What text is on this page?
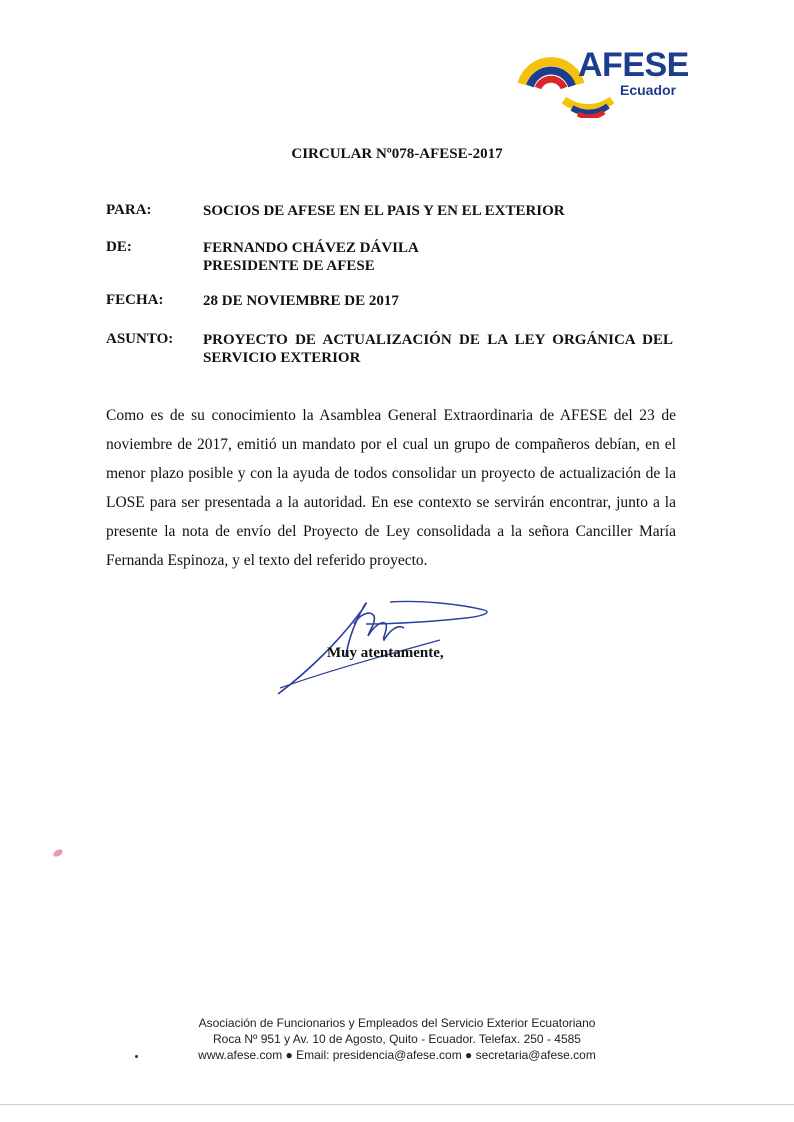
AFESE
Ecuador
CIRCULAR Nº078-AFESE-2017
PARA:	SOCIOS DE AFESE EN EL PAIS Y EN EL EXTERIOR
DE:	FERNANDO CHÁVEZ DÁVILA
PRESIDENTE DE AFESE
FECHA:	28 DE NOVIEMBRE DE 2017
ASUNTO: PROYECTO DE ACTUALIZACIÓN DE LA LEY ORGÁNICA DEL SERVICIO EXTERIOR
Como es de su conocimiento la Asamblea General Extraordinaria de AFESE del 23 de noviembre de 2017, emitió un mandato por el cual un grupo de compañeros debían, en el menor plazo posible y con la ayuda de todos consolidar un proyecto de actualización de la LOSE para ser presentada a la autoridad. En ese contexto se servirán encontrar, junto a la presente la nota de envío del Proyecto de Ley consolidada a la señora Canciller María Fernanda Espinoza, y el texto del referido proyecto.
Muy atentamente,
Asociación de Funcionarios y Empleados del Servicio Exterior Ecuatoriano
Roca Nº 951 y Av. 10 de Agosto, Quito - Ecuador. Telefax. 250 - 4585
www.afese.com ● Email: presidencia@afese.com ● secretaria@afese.com
